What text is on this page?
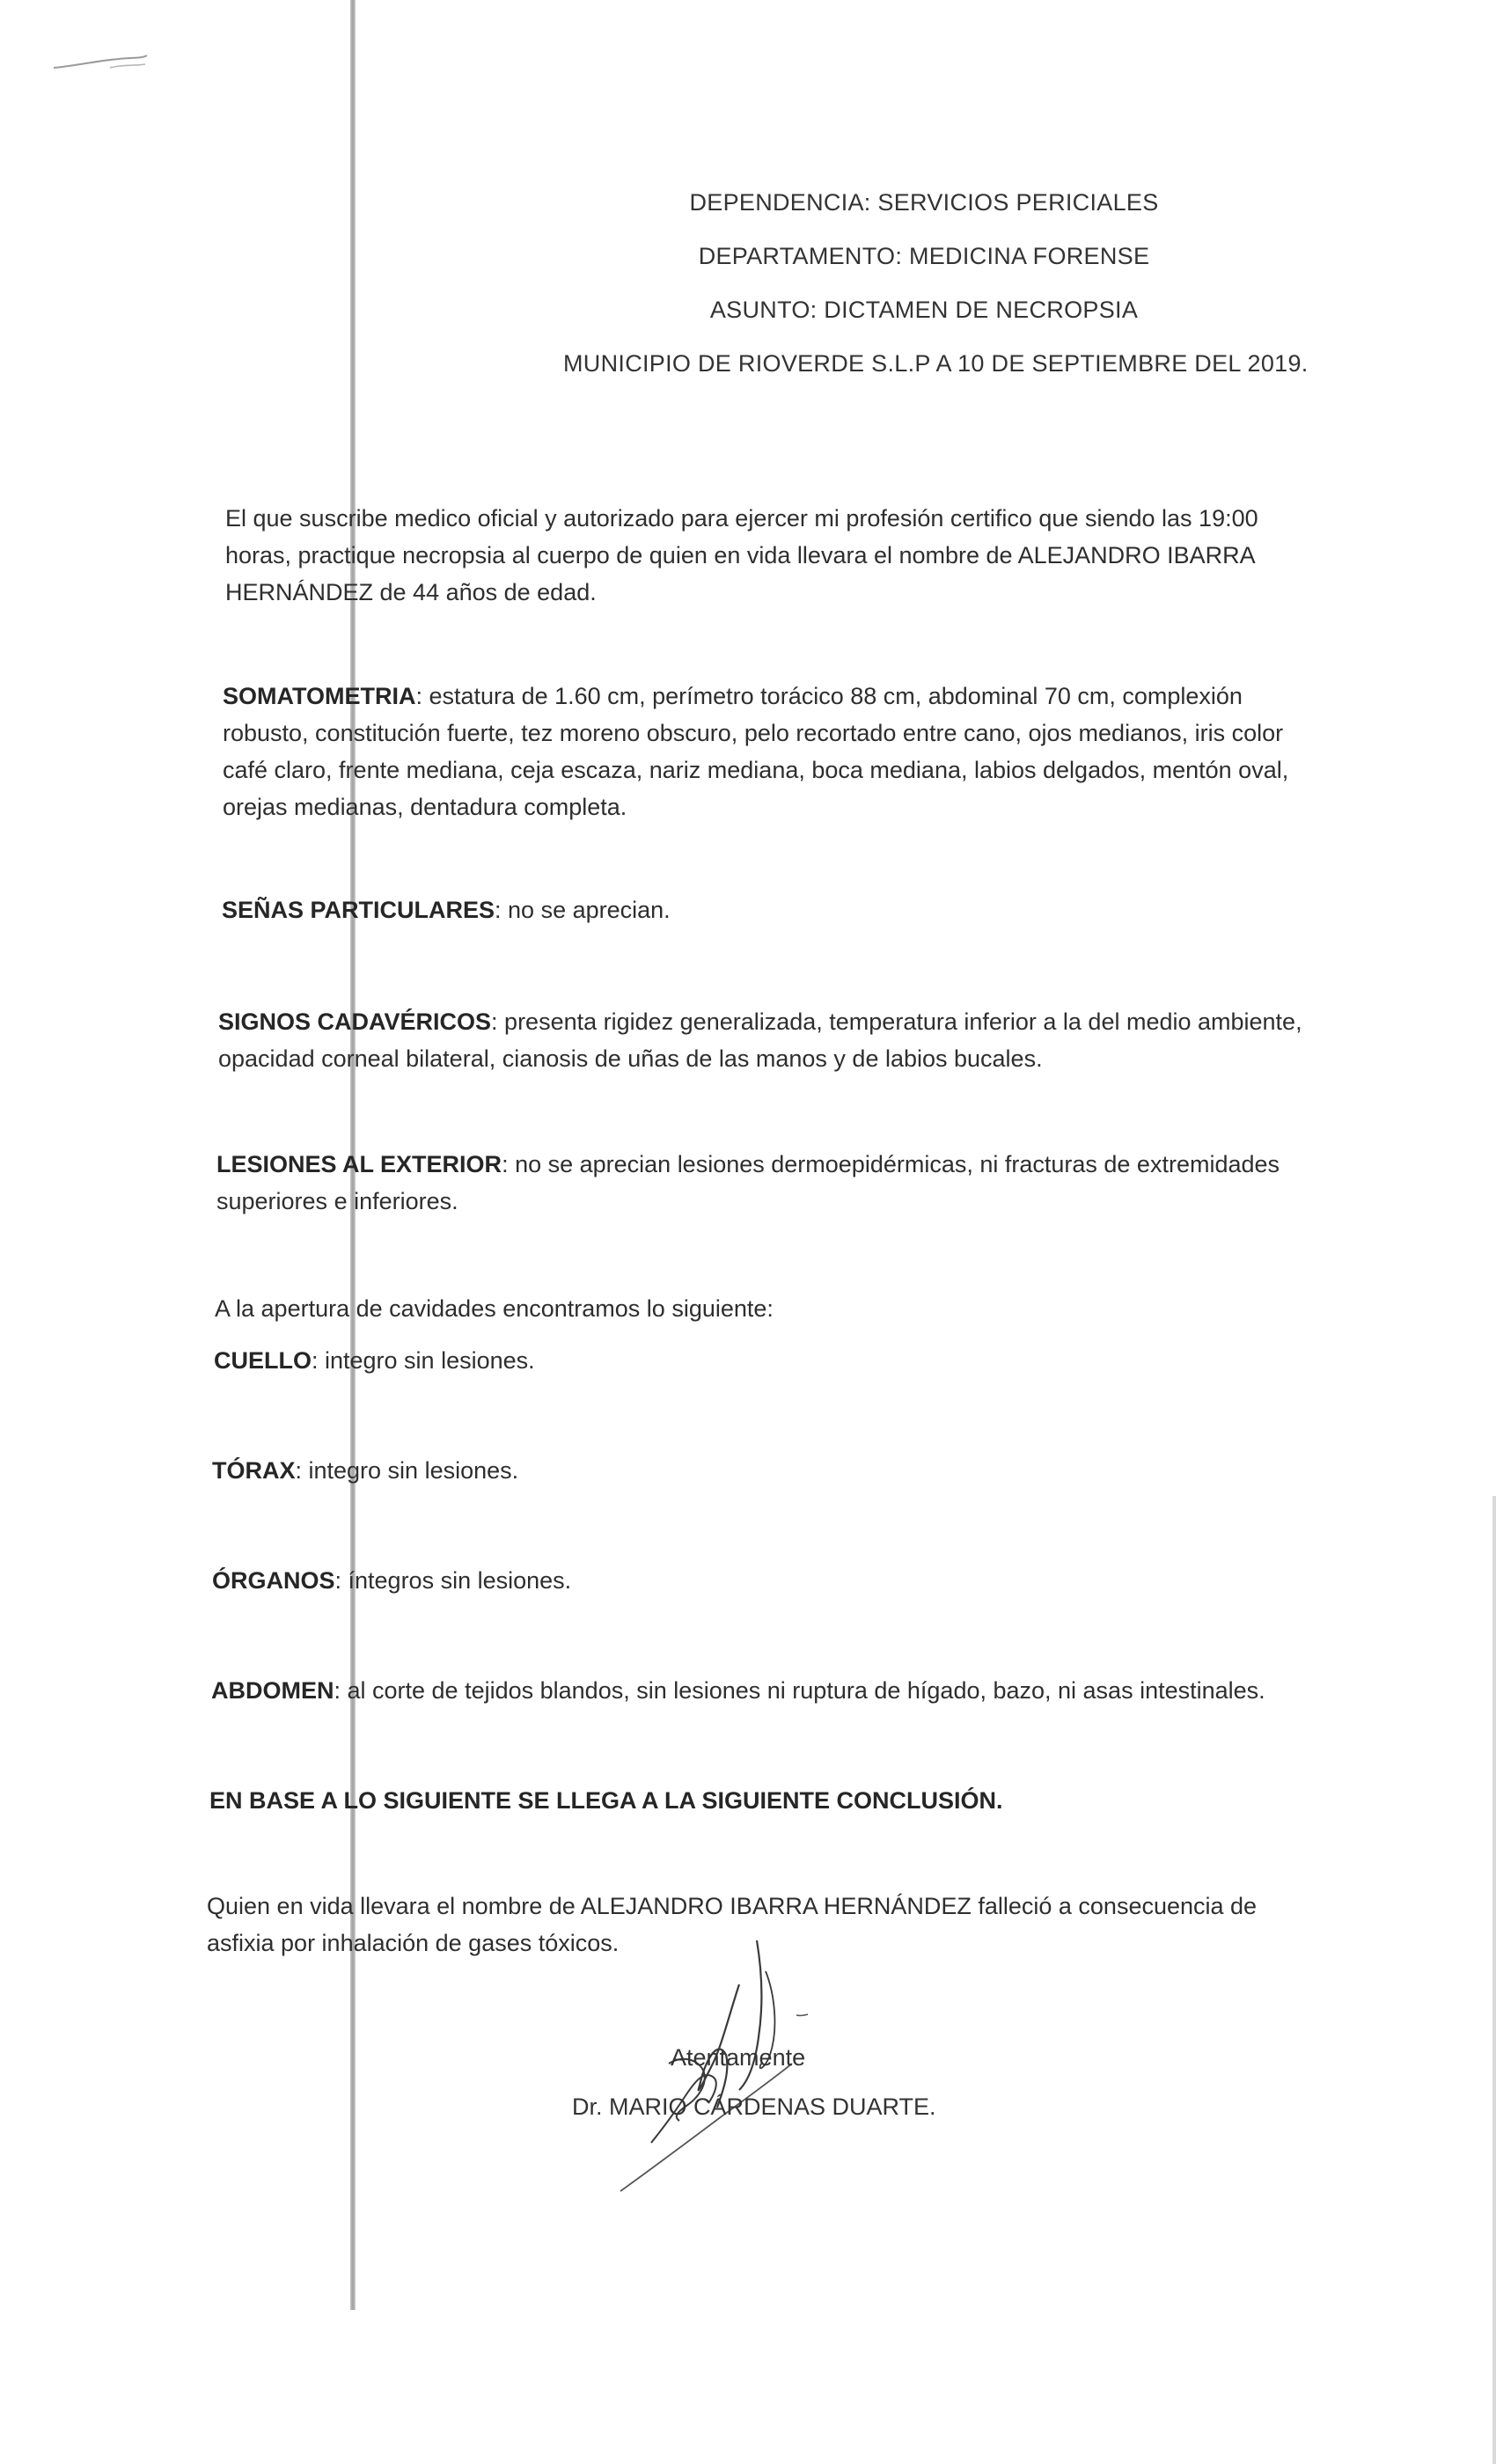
DEPENDENCIA: SERVICIOS PERICIALES
DEPARTAMENTO: MEDICINA FORENSE
ASUNTO: DICTAMEN DE NECROPSIA
MUNICIPIO DE RIOVERDE S.L.P A 10 DE SEPTIEMBRE DEL 2019.
El que suscribe medico oficial y autorizado para ejercer mi profesión certifico que siendo las 19:00 horas, practique necropsia al cuerpo de quien en vida llevara el nombre de ALEJANDRO IBARRA HERNÁNDEZ de 44 años de edad.
SOMATOMETRIA: estatura de 1.60 cm, perímetro torácico 88 cm, abdominal 70 cm, complexión robusto, constitución fuerte, tez moreno obscuro, pelo recortado entre cano, ojos medianos, iris color café claro, frente mediana, ceja escaza, nariz mediana, boca mediana, labios delgados, mentón oval, orejas medianas, dentadura completa.
SEÑAS PARTICULARES: no se aprecian.
SIGNOS CADAVÉRICOS: presenta rigidez generalizada, temperatura inferior a la del medio ambiente, opacidad corneal bilateral, cianosis de uñas de las manos y de labios bucales.
LESIONES AL EXTERIOR: no se aprecian lesiones dermoepidérmicas, ni fracturas de extremidades superiores e inferiores.
A la apertura de cavidades encontramos lo siguiente:
CUELLO: integro sin lesiones.
TÓRAX: integro sin lesiones.
ÓRGANOS: íntegros sin lesiones.
ABDOMEN: al corte de tejidos blandos, sin lesiones ni ruptura de hígado, bazo, ni asas intestinales.
EN BASE A LO SIGUIENTE SE LLEGA A LA SIGUIENTE CONCLUSIÓN.
Quien en vida llevara el nombre de ALEJANDRO IBARRA HERNÁNDEZ falleció a consecuencia de asfixia por inhalación de gases tóxicos.
Atentamente
Dr. MARIO CÁRDENAS DUARTE.
